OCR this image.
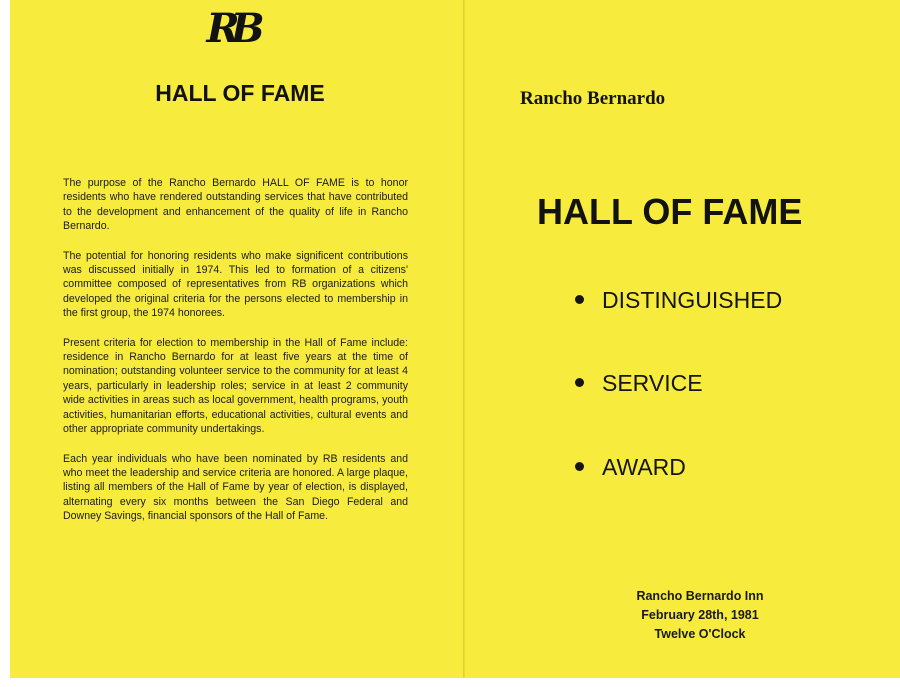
RB
HALL OF FAME

The purpose of the Rancho Bernardo HALL OF FAME is to honor residents who have rendered outstanding services that have contributed to the development and enhancement of the quality of life in Rancho Bernardo.

The potential for honoring residents who make significent contributions was discussed initially in 1974. This led to formation of a citizens' committee composed of representatives from RB organizations which developed the original criteria for the persons elected to membership in the first group, the 1974 honorees.

Present criteria for election to membership in the Hall of Fame include: residence in Rancho Bernardo for at least five years at the time of nomination; outstanding volunteer service to the community for at least 4 years, particularly in leadership roles; service in at least 2 community wide activities in areas such as local government, health programs, youth activities, humanitarian efforts, educational activities, cultural events and other appropriate community undertakings.

Each year individuals who have been nominated by RB residents and who meet the leadership and service criteria are honored. A large plaque, listing all members of the Hall of Fame by year of election, is displayed, alternating every six months between the San Diego Federal and Downey Savings, financial sponsors of the Hall of Fame.

Rancho Bernardo
HALL OF FAME
DISTINGUISHED
SERVICE
AWARD
Rancho Bernardo Inn
February 28th, 1981
Twelve O'Clock
